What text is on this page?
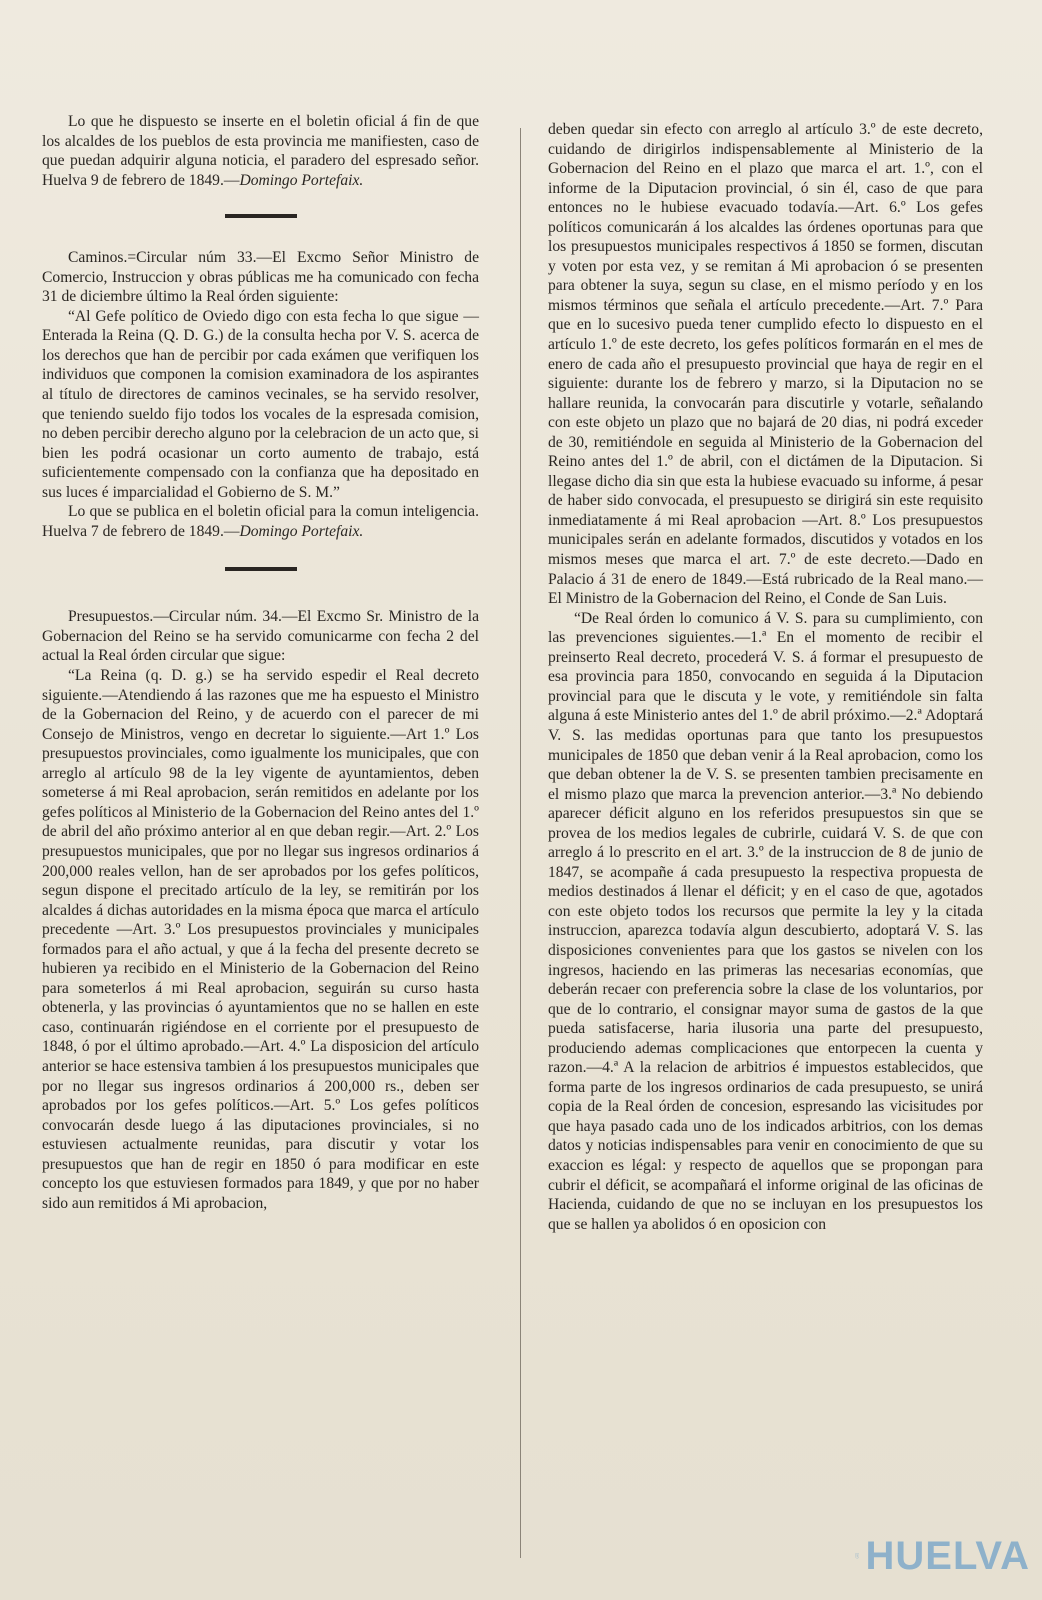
Lo que he dispuesto se inserte en el boletin oficial á fin de que los alcaldes de los pueblos de esta provincia me manifiesten, caso de que puedan adquirir alguna noticia, el paradero del espresado señor. Huelva 9 de febrero de 1849.—Domingo Portefaix.

Caminos.=Circular núm 33.—El Excmo Señor Ministro de Comercio, Instruccion y obras públicas me ha comunicado con fecha 31 de diciembre último la Real órden siguiente:

“Al Gefe político de Oviedo digo con esta fecha lo que sigue —Enterada la Reina (Q. D. G.) de la consulta hecha por V. S. acerca de los derechos que han de percibir por cada exámen que verifiquen los individuos que componen la comision examinadora de los aspirantes al título de directores de caminos vecinales, se ha servido resolver, que teniendo sueldo fijo todos los vocales de la espresada comision, no deben percibir derecho alguno por la celebracion de un acto que, si bien les podrá ocasionar un corto aumento de trabajo, está suficientemente compensado con la confianza que ha depositado en sus luces é imparcialidad el Gobierno de S. M.”

Lo que se publica en el boletin oficial para la comun inteligencia. Huelva 7 de febrero de 1849.—Domingo Portefaix.

Presupuestos.—Circular núm. 34.—El Excmo Sr. Ministro de la Gobernacion del Reino se ha servido comunicarme con fecha 2 del actual la Real órden circular que sigue:

“La Reina (q. D. g.) se ha servido espedir el Real decreto siguiente.—Atendiendo á las razones que me ha espuesto el Ministro de la Gobernacion del Reino, y de acuerdo con el parecer de mi Consejo de Ministros, vengo en decretar lo siguiente.—Art 1.º Los presupuestos provinciales, como igualmente los municipales, que con arreglo al artículo 98 de la ley vigente de ayuntamientos, deben someterse á mi Real aprobacion, serán remitidos en adelante por los gefes políticos al Ministerio de la Gobernacion del Reino antes del 1.º de abril del año próximo anterior al en que deban regir.—Art. 2.º Los presupuestos municipales, que por no llegar sus ingresos ordinarios á 200,000 reales vellon, han de ser aprobados por los gefes políticos, segun dispone el precitado artículo de la ley, se remitirán por los alcaldes á dichas autoridades en la misma época que marca el artículo precedente —Art. 3.º Los presupuestos provinciales y municipales formados para el año actual, y que á la fecha del presente decreto se hubieren ya recibido en el Ministerio de la Gobernacion del Reino para someterlos á mi Real aprobacion, seguirán su curso hasta obtenerla, y las provincias ó ayuntamientos que no se hallen en este caso, continuarán rigiéndose en el corriente por el presupuesto de 1848, ó por el último aprobado.—Art. 4.º La disposicion del artículo anterior se hace estensiva tambien á los presupuestos municipales que por no llegar sus ingresos ordinarios á 200,000 rs., deben ser aprobados por los gefes políticos.—Art. 5.º Los gefes políticos convocarán desde luego á las diputaciones provinciales, si no estuviesen actualmente reunidas, para discutir y votar los presupuestos que han de regir en 1850 ó para modificar en este concepto los que estuviesen formados para 1849, y que por no haber sido aun remitidos á Mi aprobacion,

deben quedar sin efecto con arreglo al artículo 3.º de este decreto, cuidando de dirigirlos indispensablemente al Ministerio de la Gobernacion del Reino en el plazo que marca el art. 1.º, con el informe de la Diputacion provincial, ó sin él, caso de que para entonces no le hubiese evacuado todavía.—Art. 6.º Los gefes políticos comunicarán á los alcaldes las órdenes oportunas para que los presupuestos municipales respectivos á 1850 se formen, discutan y voten por esta vez, y se remitan á Mi aprobacion ó se presenten para obtener la suya, segun su clase, en el mismo período y en los mismos términos que señala el artículo precedente.—Art. 7.º Para que en lo sucesivo pueda tener cumplido efecto lo dispuesto en el artículo 1.º de este decreto, los gefes políticos formarán en el mes de enero de cada año el presupuesto provincial que haya de regir en el siguiente: durante los de febrero y marzo, si la Diputacion no se hallare reunida, la convocarán para discutirle y votarle, señalando con este objeto un plazo que no bajará de 20 dias, ni podrá exceder de 30, remitiéndole en seguida al Ministerio de la Gobernacion del Reino antes del 1.º de abril, con el dictámen de la Diputacion. Si llegase dicho dia sin que esta la hubiese evacuado su informe, á pesar de haber sido convocada, el presupuesto se dirigirá sin este requisito inmediatamente á mi Real aprobacion —Art. 8.º Los presupuestos municipales serán en adelante formados, discutidos y votados en los mismos meses que marca el art. 7.º de este decreto.—Dado en Palacio á 31 de enero de 1849.—Está rubricado de la Real mano.—El Ministro de la Gobernacion del Reino, el Conde de San Luis.

“De Real órden lo comunico á V. S. para su cumplimiento, con las prevenciones siguientes.—1.ª En el momento de recibir el preinserto Real decreto, procederá V. S. á formar el presupuesto de esa provincia para 1850, convocando en seguida á la Diputacion provincial para que le discuta y le vote, y remitiéndole sin falta alguna á este Ministerio antes del 1.º de abril próximo.—2.ª Adoptará V. S. las medidas oportunas para que tanto los presupuestos municipales de 1850 que deban venir á la Real aprobacion, como los que deban obtener la de V. S. se presenten tambien precisamente en el mismo plazo que marca la prevencion anterior.—3.ª No debiendo aparecer déficit alguno en los referidos presupuestos sin que se provea de los medios legales de cubrirle, cuidará V. S. de que con arreglo á lo prescrito en el art. 3.º de la instruccion de 8 de junio de 1847, se acompañe á cada presupuesto la respectiva propuesta de medios destinados á llenar el déficit; y en el caso de que, agotados con este objeto todos los recursos que permite la ley y la citada instruccion, aparezca todavía algun descubierto, adoptará V. S. las disposiciones convenientes para que los gastos se nivelen con los ingresos, haciendo en las primeras las necesarias economías, que deberán recaer con preferencia sobre la clase de los voluntarios, por que de lo contrario, el consignar mayor suma de gastos de la que pueda satisfacerse, haria ilusoria una parte del presupuesto, produciendo ademas complicaciones que entorpecen la cuenta y razon.—4.ª A la relacion de arbitrios é impuestos establecidos, que forma parte de los ingresos ordinarios de cada presupuesto, se unirá copia de la Real órden de concesion, espresando las vicisitudes por que haya pasado cada uno de los indicados arbitrios, con los demas datos y noticias indispensables para venir en conocimiento de que su exaccion es légal: y respecto de aquellos que se propongan para cubrir el déficit, se acompañará el informe original de las oficinas de Hacienda, cuidando de que no se incluyan en los presupuestos los que se hallen ya abolidos ó en oposicion con

HUELVA
